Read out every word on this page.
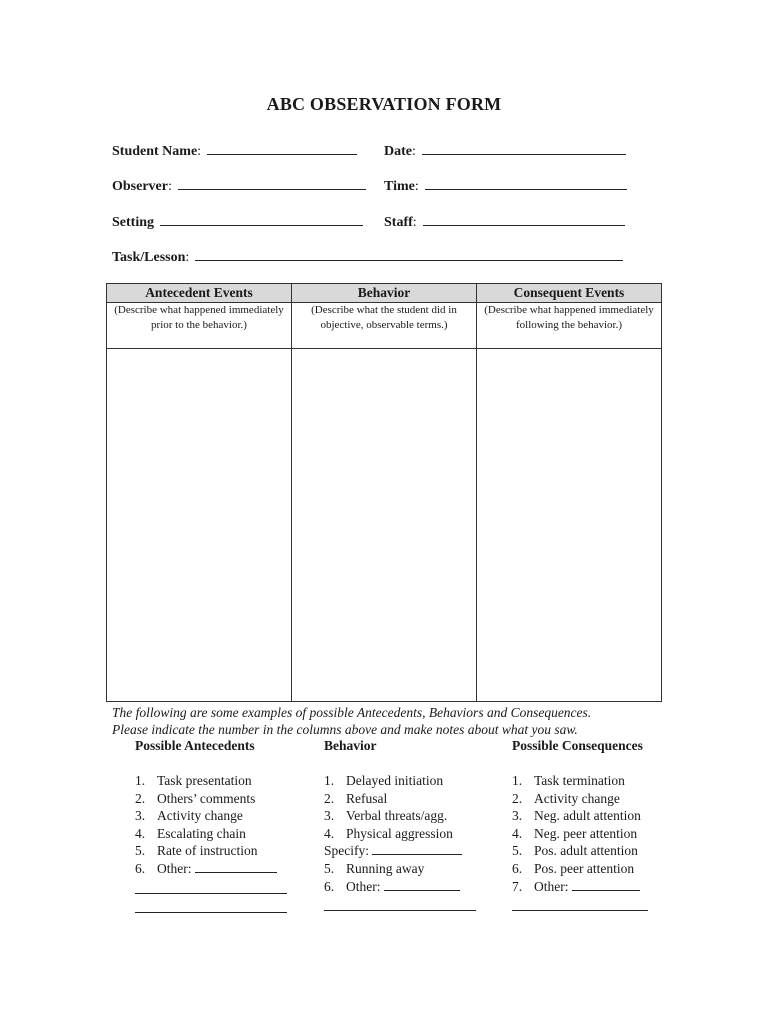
ABC OBSERVATION FORM
Student Name:	Date:
Observer:	Time:
Setting	Staff:
Task/Lesson:
Antecedent Events	Behavior	Consequent Events
(Describe what happened immediately prior to the behavior.)	(Describe what the student did in objective, observable terms.)	(Describe what happened immediately following the behavior.)

The following are some examples of possible Antecedents, Behaviors and Consequences.
Please indicate the number in the columns above and make notes about what you saw.
Possible Antecedents
1. Task presentation
2. Others’ comments
3. Activity change
4. Escalating chain
5. Rate of instruction
6. Other:
Behavior
1. Delayed initiation
2. Refusal
3. Verbal threats/agg.
4. Physical aggression
Specify:
5. Running away
6. Other:
Possible Consequences
1. Task termination
2. Activity change
3. Neg. adult attention
4. Neg. peer attention
5. Pos. adult attention
6. Pos. peer attention
7. Other:
